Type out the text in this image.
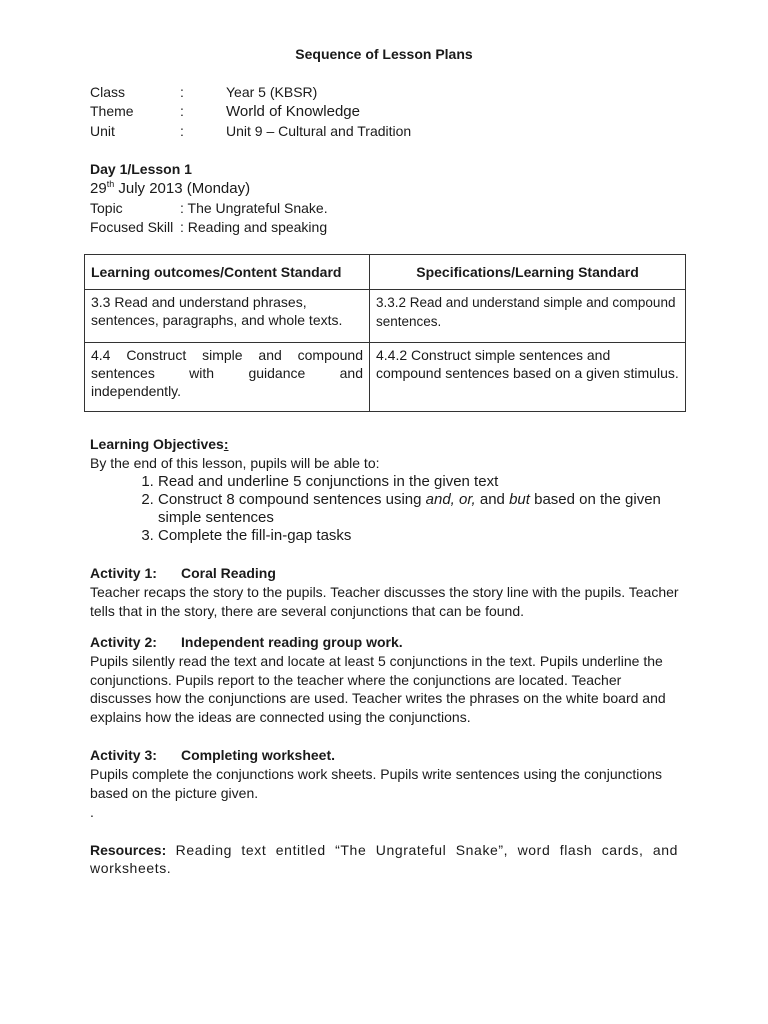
Sequence of Lesson Plans
Class	:	Year 5 (KBSR)
Theme	:	World of Knowledge
Unit	:	Unit 9 – Cultural and Tradition
Day 1/Lesson 1
29th July 2013 (Monday)
Topic	: The Ungrateful Snake.
Focused Skill : Reading and speaking
Learning outcomes/Content Standard	Specifications/Learning Standard
3.3 Read and understand phrases, sentences, paragraphs, and whole texts.	3.3.2 Read and understand simple and compound sentences.
4.4 Construct simple and compound sentences with guidance and independently.	4.4.2 Construct simple sentences and compound sentences based on a given stimulus.
Learning Objectives:
By the end of this lesson, pupils will be able to:
1. Read and underline 5 conjunctions in the given text
2. Construct 8 compound sentences using and, or, and but based on the given simple sentences
3. Complete the fill-in-gap tasks
Activity 1: Coral Reading
Teacher recaps the story to the pupils. Teacher discusses the story line with the pupils. Teacher tells that in the story, there are several conjunctions that can be found.
Activity 2: Independent reading group work.
Pupils silently read the text and locate at least 5 conjunctions in the text. Pupils underline the conjunctions. Pupils report to the teacher where the conjunctions are located. Teacher discusses how the conjunctions are used. Teacher writes the phrases on the white board and explains how the ideas are connected using the conjunctions.
Activity 3: Completing worksheet.
Pupils complete the conjunctions work sheets. Pupils write sentences using the conjunctions based on the picture given.
.
Resources: Reading text entitled “The Ungrateful Snake”, word flash cards, and worksheets.
